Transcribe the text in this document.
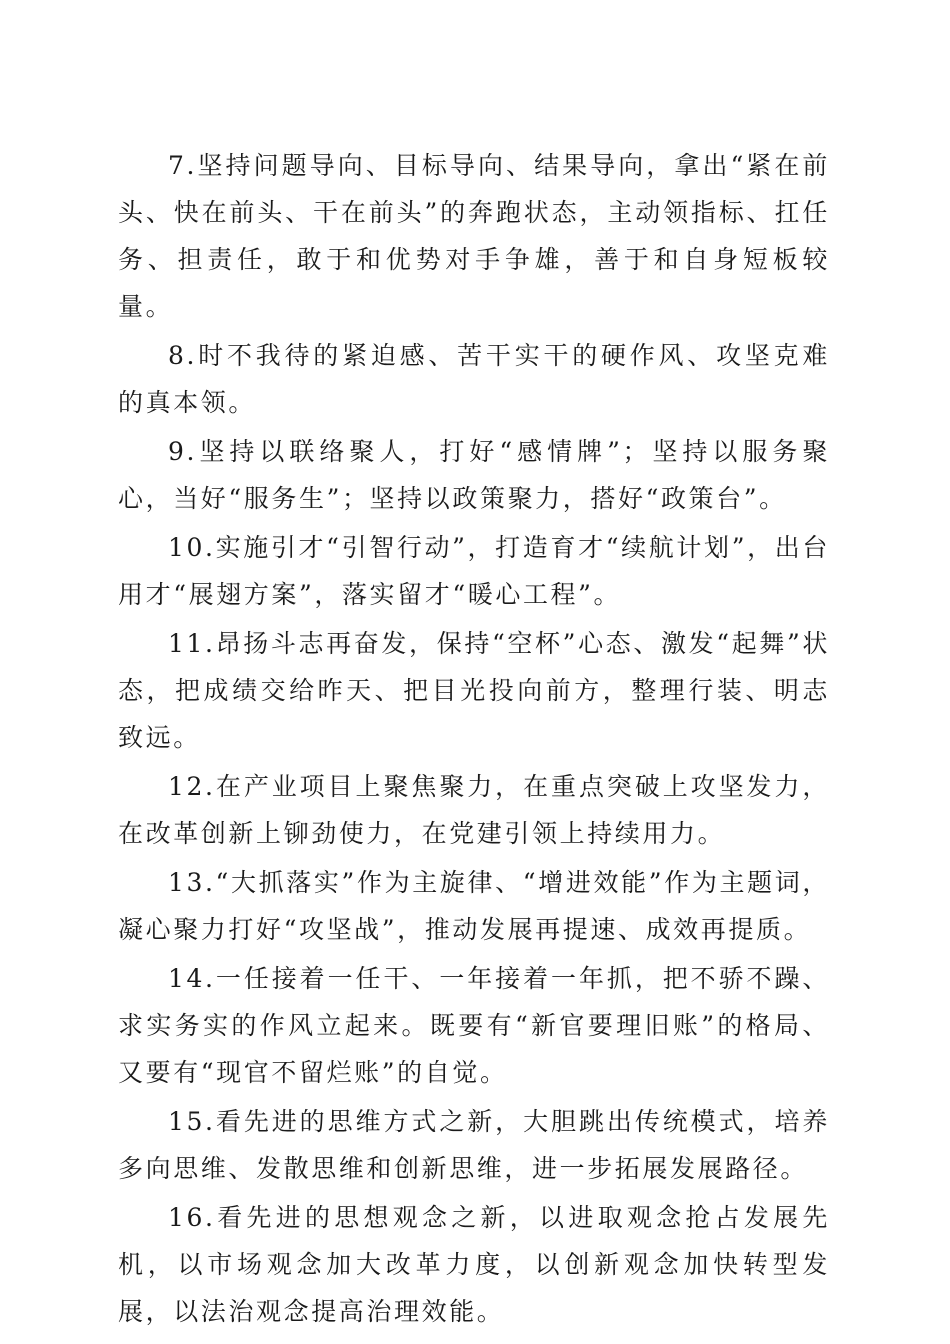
7.坚持问题导向、目标导向、结果导向，拿出“紧在前头、快在前头、干在前头”的奔跑状态，主动领指标、扛任务、担责任，敢于和优势对手争雄，善于和自身短板较量。

8.时不我待的紧迫感、苦干实干的硬作风、攻坚克难的真本领。

9.坚持以联络聚人，打好“感情牌”；坚持以服务聚心，当好“服务生”；坚持以政策聚力，搭好“政策台”。

10.实施引才“引智行动”，打造育才“续航计划”，出台用才“展翅方案”，落实留才“暖心工程”。

11.昂扬斗志再奋发，保持“空杯”心态、激发“起舞”状态，把成绩交给昨天、把目光投向前方，整理行装、明志致远。

12.在产业项目上聚焦聚力，在重点突破上攻坚发力，在改革创新上铆劲使力，在党建引领上持续用力。

13.“大抓落实”作为主旋律、“增进效能”作为主题词，凝心聚力打好“攻坚战”，推动发展再提速、成效再提质。

14.一任接着一任干、一年接着一年抓，把不骄不躁、求实务实的作风立起来。既要有“新官要理旧账”的格局、又要有“现官不留烂账”的自觉。

15.看先进的思维方式之新，大胆跳出传统模式，培养多向思维、发散思维和创新思维，进一步拓展发展路径。

16.看先进的思想观念之新，以进取观念抢占发展先机，以市场观念加大改革力度，以创新观念加快转型发展，以法治观念提高治理效能。
